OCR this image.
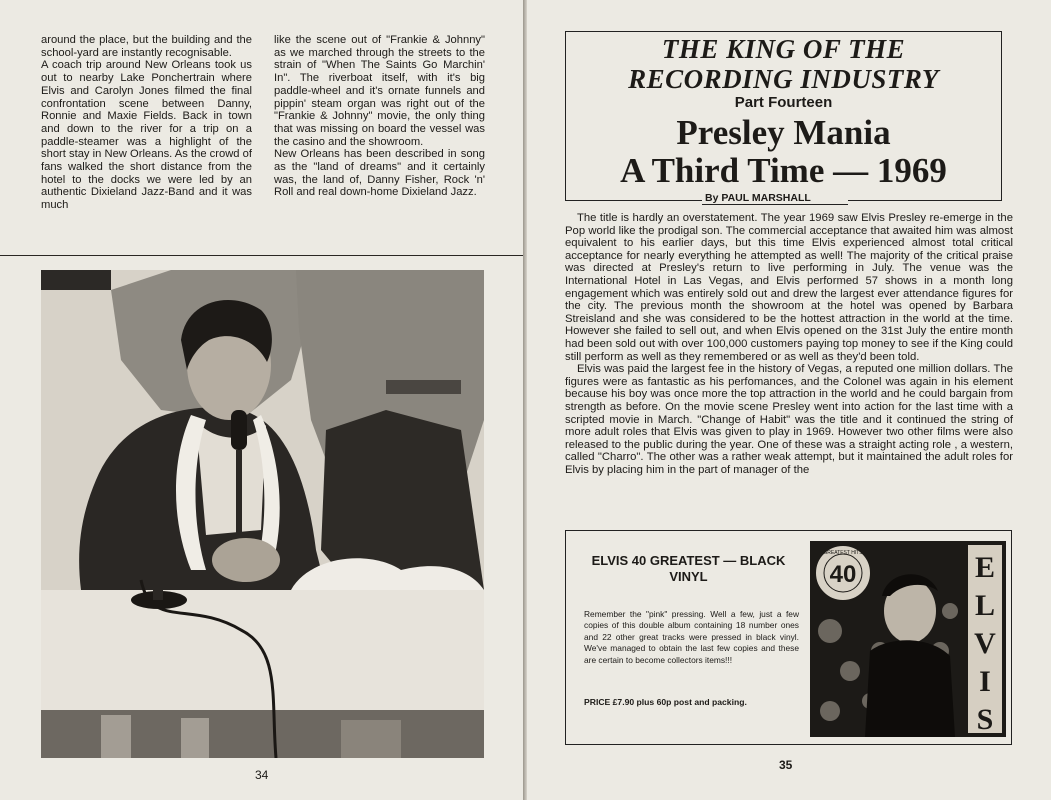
around the place, but the building and the school-yard are instantly recognisable.
A coach trip around New Orleans took us out to nearby Lake Ponchertrain where Elvis and Carolyn Jones filmed the final confrontation scene between Danny, Ronnie and Maxie Fields. Back in town and down to the river for a trip on a paddle-steamer was a highlight of the short stay in New Orleans. As the crowd of fans walked the short distance from the hotel to the docks we were led by an authentic Dixieland Jazz-Band and it was much

like the scene out of "Frankie & Johnny" as we marched through the streets to the strain of "When The Saints Go Marchin' In". The riverboat itself, with it's big paddle-wheel and it's ornate funnels and pippin' steam organ was right out of the "Frankie & Johnny" movie, the only thing that was missing on board the vessel was the casino and the showroom.
New Orleans has been described in song as the "land of dreams" and it certainly was, the land of, Danny Fisher, Rock 'n' Roll and real down-home Dixieland Jazz.

34
THE KING OF THE
RECORDING INDUSTRY
Part Fourteen
Presley Mania
A Third Time — 1969
By PAUL MARSHALL

The title is hardly an overstatement. The year 1969 saw Elvis Presley re-emerge in the Pop world like the prodigal son. The commercial acceptance that awaited him was almost equivalent to his earlier days, but this time Elvis experienced almost total critical acceptance for nearly everything he attempted as well! The majority of the critical praise was directed at Presley's return to live performing in July. The venue was the International Hotel in Las Vegas, and Elvis performed 57 shows in a month long engagement which was entirely sold out and drew the largest ever attendance figures for the city. The previous month the showroom at the hotel was opened by Barbara Streisland and she was considered to be the hottest attraction in the world at the time. However she failed to sell out, and when Elvis opened on the 31st July the entire month had been sold out with over 100,000 customers paying top money to see if the King could still perform as well as they remembered or as well as they'd been told.

Elvis was paid the largest fee in the history of Vegas, a reputed one million dollars. The figures were as fantastic as his perfomances, and the Colonel was again in his element because his boy was once more the top attraction in the world and he could bargain from strength as before. On the movie scene Presley went into action for the last time with a scripted movie in March. "Change of Habit" was the title and it continued the string of more adult roles that Elvis was given to play in 1969. However two other films were also released to the public during the year. One of these was a straight acting role , a western, called "Charro". The other was a rather weak attempt, but it maintained the adult roles for Elvis by placing him in the part of manager of the

ELVIS 40 GREATEST — BLACK VINYL
Remember the "pink" pressing. Well a few, just a few copies of this double album containing 18 number ones and 22 other great tracks were pressed in black vinyl. We've managed to obtain the last few copies and these are certain to become collectors items!!!
PRICE £7.90 plus 60p post and packing.
40
GREATEST HITS	E
L
V
I
S
35
